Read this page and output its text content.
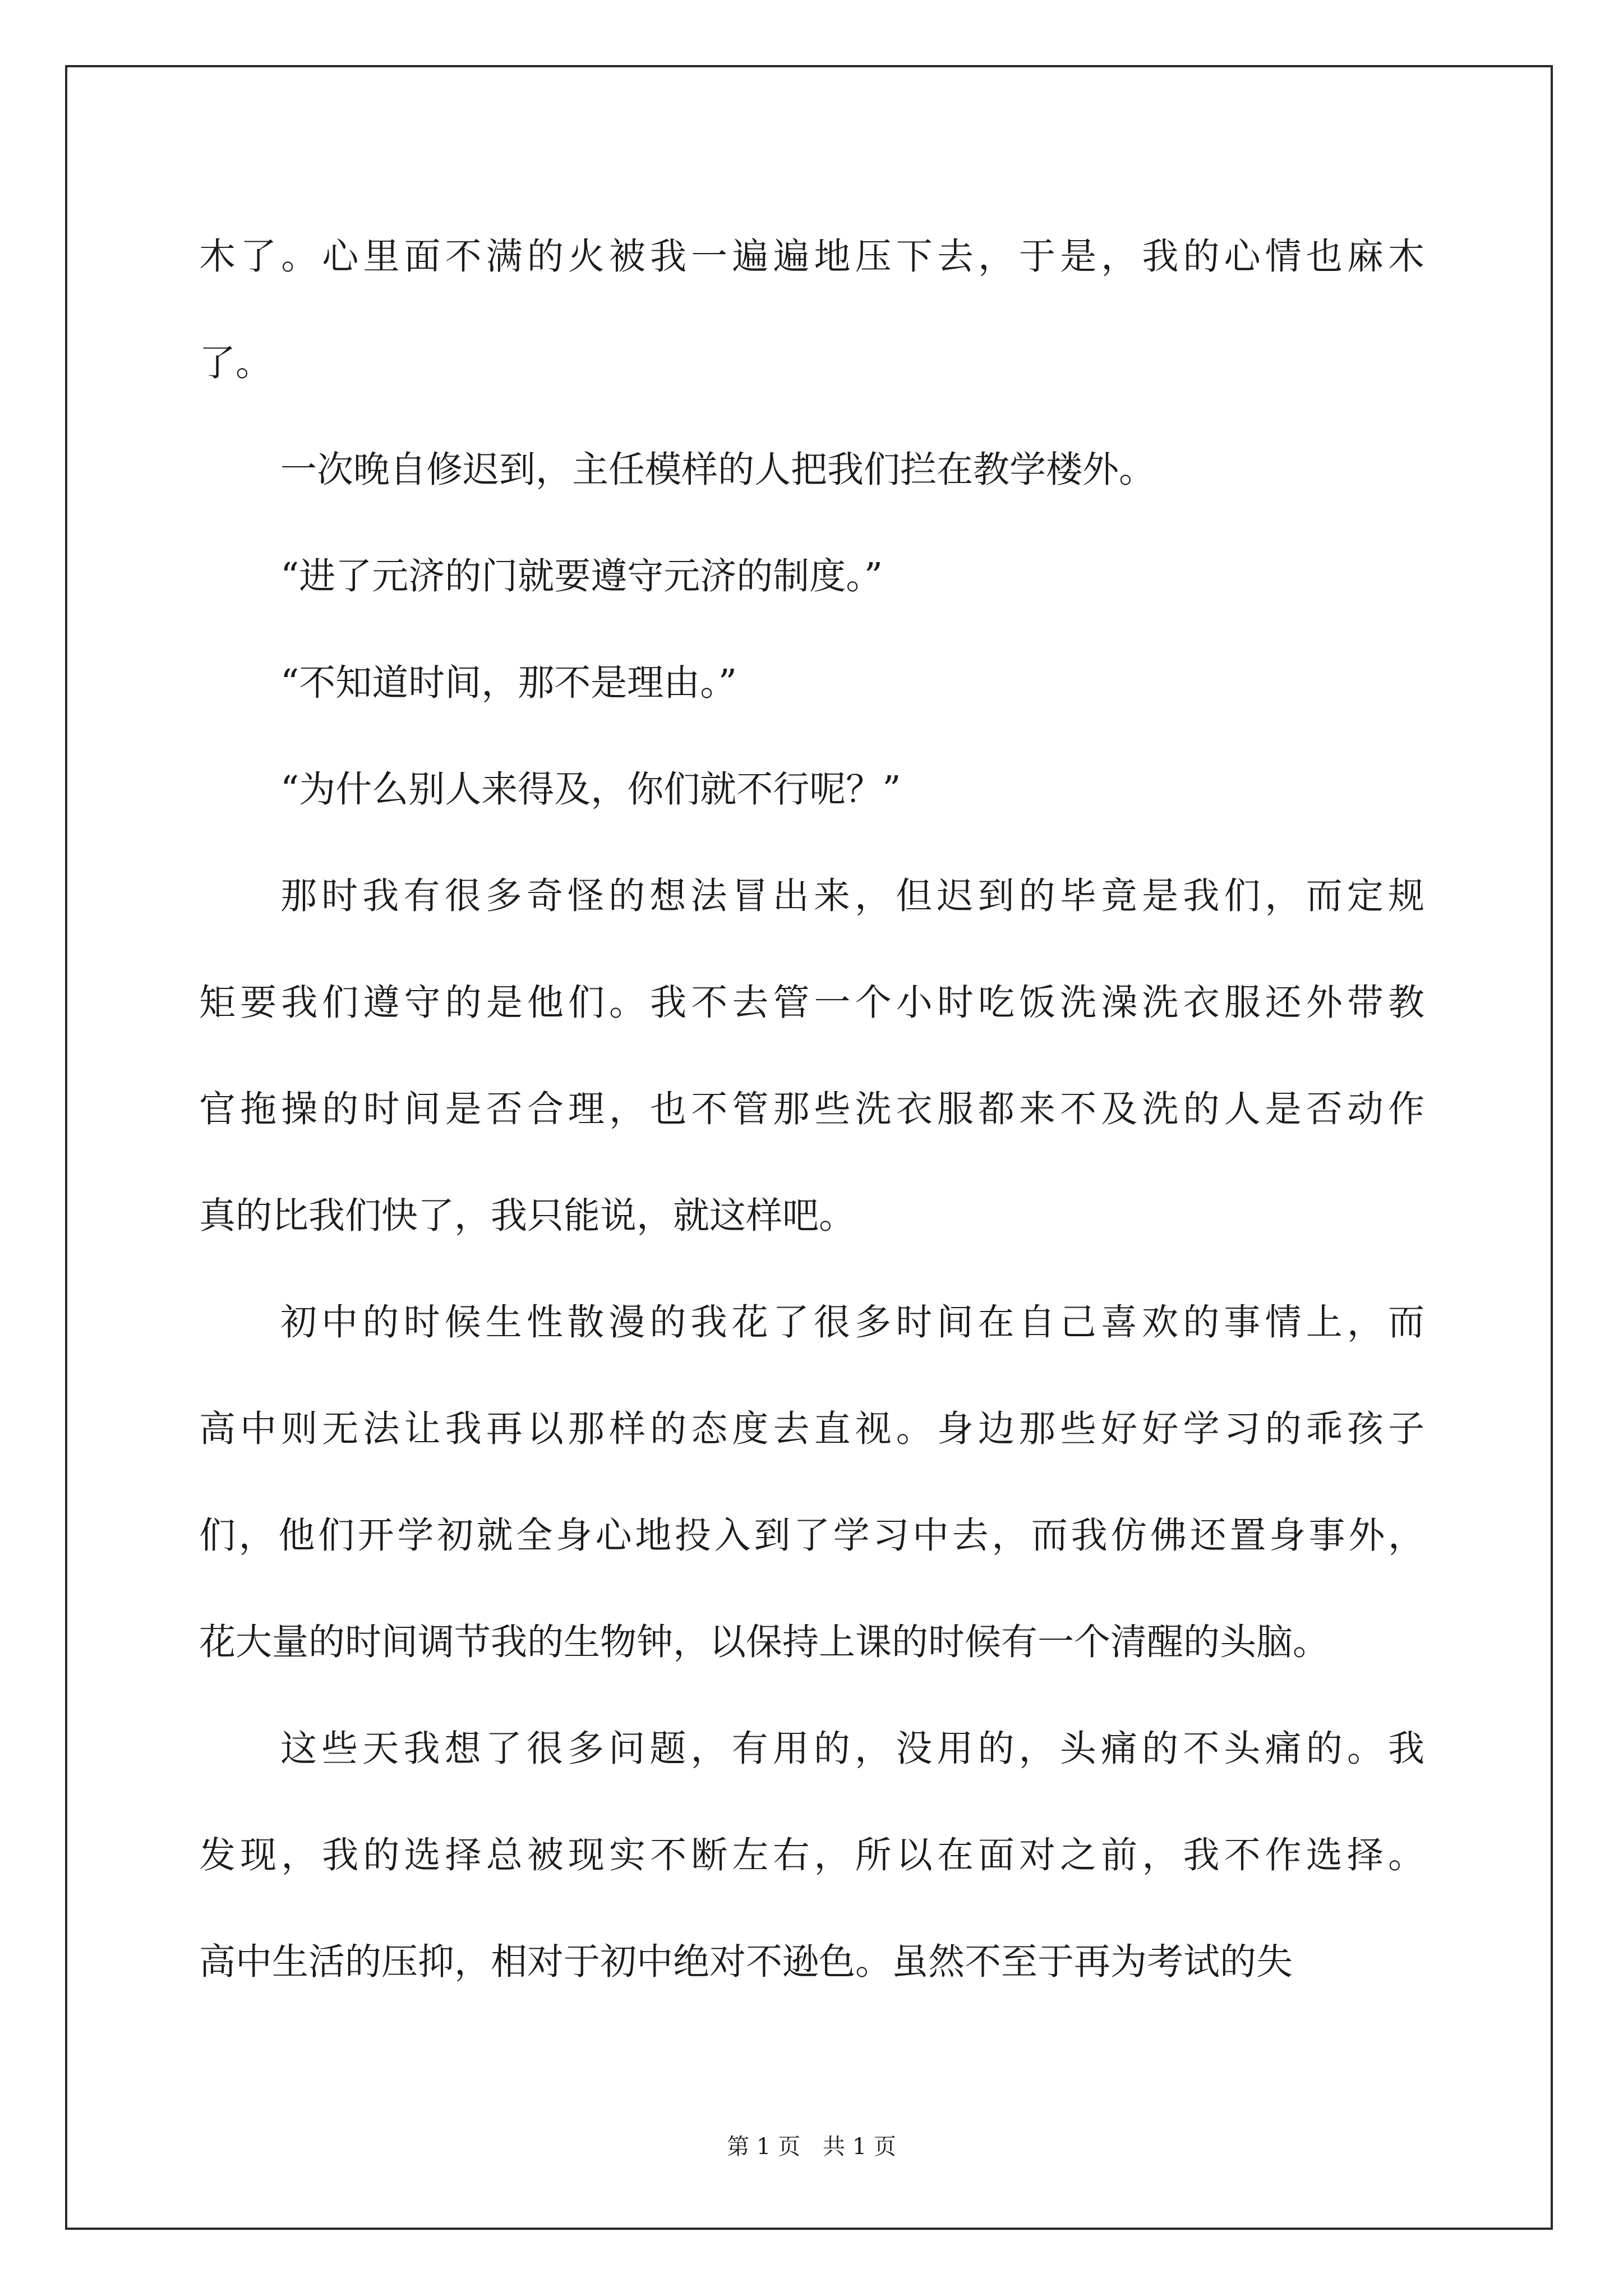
木了。心里面不满的火被我一遍遍地压下去，于是，我的心情也麻木
了。
一次晚自修迟到，主任模样的人把我们拦在教学楼外。
“进了元济的门就要遵守元济的制度。”
“不知道时间，那不是理由。”
“为什么别人来得及，你们就不行呢？”
那时我有很多奇怪的想法冒出来，但迟到的毕竟是我们，而定规
矩要我们遵守的是他们。我不去管一个小时吃饭洗澡洗衣服还外带教
官拖操的时间是否合理，也不管那些洗衣服都来不及洗的人是否动作
真的比我们快了，我只能说，就这样吧。
初中的时候生性散漫的我花了很多时间在自己喜欢的事情上，而
高中则无法让我再以那样的态度去直视。身边那些好好学习的乖孩子
们，他们开学初就全身心地投入到了学习中去，而我仿佛还置身事外，
花大量的时间调节我的生物钟，以保持上课的时候有一个清醒的头脑。
这些天我想了很多问题，有用的，没用的，头痛的不头痛的。我
发现，我的选择总被现实不断左右，所以在面对之前，我不作选择。
高中生活的压抑，相对于初中绝对不逊色。虽然不至于再为考试的失
第 1 页　共 1 页
